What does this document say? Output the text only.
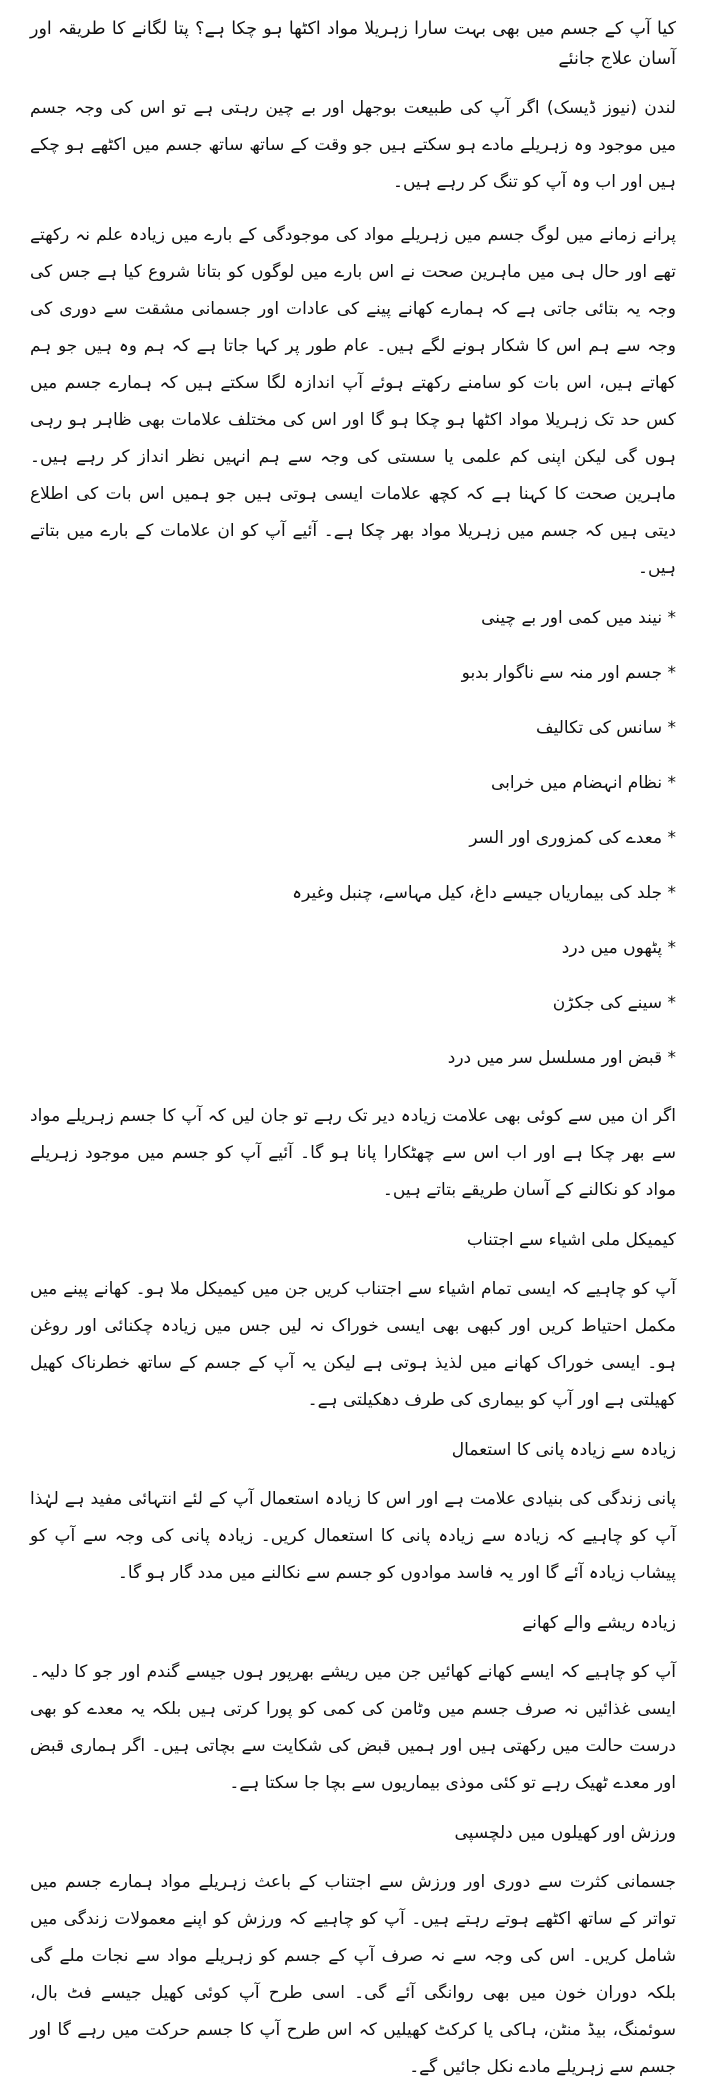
کیا آپ کے جسم میں بھی بہت سارا زہریلا مواد اکٹھا ہو چکا ہے؟ پتا لگانے کا طریقہ اور آسان علاج جانئے

لندن (نیوز ڈیسک) اگر آپ کی طبیعت بوجھل اور بے چین رہتی ہے تو اس کی وجہ جسم میں موجود وہ زہریلے مادے ہو سکتے ہیں جو وقت کے ساتھ ساتھ جسم میں اکٹھے ہو چکے ہیں اور اب وہ آپ کو تنگ کر رہے ہیں۔

پرانے زمانے میں لوگ جسم میں زہریلے مواد کی موجودگی کے بارے میں زیادہ علم نہ رکھتے تھے اور حال ہی میں ماہرین صحت نے اس بارے میں لوگوں کو بتانا شروع کیا ہے جس کی وجہ یہ بتائی جاتی ہے کہ ہمارے کھانے پینے کی عادات اور جسمانی مشقت سے دوری کی وجہ سے ہم اس کا شکار ہونے لگے ہیں۔ عام طور پر کہا جاتا ہے کہ ہم وہ ہیں جو ہم کھاتے ہیں، اس بات کو سامنے رکھتے ہوئے آپ اندازہ لگا سکتے ہیں کہ ہمارے جسم میں کس حد تک زہریلا مواد اکٹھا ہو چکا ہو گا اور اس کی مختلف علامات بھی ظاہر ہو رہی ہوں گی لیکن اپنی کم علمی یا سستی کی وجہ سے ہم انہیں نظر انداز کر رہے ہیں۔ ماہرین صحت کا کہنا ہے کہ کچھ علامات ایسی ہوتی ہیں جو ہمیں اس بات کی اطلاع دیتی ہیں کہ جسم میں زہریلا مواد بھر چکا ہے۔ آئیے آپ کو ان علامات کے بارے میں بتاتے ہیں۔

* نیند میں کمی اور بے چینی
* جسم اور منہ سے ناگوار بدبو
* سانس کی تکالیف
* نظام انہضام میں خرابی
* معدے کی کمزوری اور السر
* جلد کی بیماریاں جیسے داغ، کیل مہاسے، چنبل وغیرہ
* پٹھوں میں درد
* سینے کی جکڑن
* قبض اور مسلسل سر میں درد

اگر ان میں سے کوئی بھی علامت زیادہ دیر تک رہے تو جان لیں کہ آپ کا جسم زہریلے مواد سے بھر چکا ہے اور اب اس سے چھٹکارا پانا ہو گا۔ آئیے آپ کو جسم میں موجود زہریلے مواد کو نکالنے کے آسان طریقے بتاتے ہیں۔

کیمیکل ملی اشیاء سے اجتناب

آپ کو چاہیے کہ ایسی تمام اشیاء سے اجتناب کریں جن میں کیمیکل ملا ہو۔ کھانے پینے میں مکمل احتیاط کریں اور کبھی بھی ایسی خوراک نہ لیں جس میں زیادہ چکنائی اور روغن ہو۔ ایسی خوراک کھانے میں لذیذ ہوتی ہے لیکن یہ آپ کے جسم کے ساتھ خطرناک کھیل کھیلتی ہے اور آپ کو بیماری کی طرف دھکیلتی ہے۔

زیادہ سے زیادہ پانی کا استعمال

پانی زندگی کی بنیادی علامت ہے اور اس کا زیادہ استعمال آپ کے لئے انتہائی مفید ہے لہٰذا آپ کو چاہیے کہ زیادہ سے زیادہ پانی کا استعمال کریں۔ زیادہ پانی کی وجہ سے آپ کو پیشاب زیادہ آئے گا اور یہ فاسد موادوں کو جسم سے نکالنے میں مدد گار ہو گا۔

زیادہ ریشے والے کھانے

آپ کو چاہیے کہ ایسے کھانے کھائیں جن میں ریشے بھرپور ہوں جیسے گندم اور جو کا دلیہ۔ ایسی غذائیں نہ صرف جسم میں وٹامن کی کمی کو پورا کرتی ہیں بلکہ یہ معدے کو بھی درست حالت میں رکھتی ہیں اور ہمیں قبض کی شکایت سے بچاتی ہیں۔ اگر ہماری قبض اور معدے ٹھیک رہے تو کئی موذی بیماریوں سے بچا جا سکتا ہے۔

ورزش اور کھیلوں میں دلچسپی

جسمانی کثرت سے دوری اور ورزش سے اجتناب کے باعث زہریلے مواد ہمارے جسم میں تواتر کے ساتھ اکٹھے ہوتے رہتے ہیں۔ آپ کو چاہیے کہ ورزش کو اپنے معمولات زندگی میں شامل کریں۔ اس کی وجہ سے نہ صرف آپ کے جسم کو زہریلے مواد سے نجات ملے گی بلکہ دوران خون میں بھی روانگی آئے گی۔ اسی طرح آپ کوئی کھیل جیسے فٹ بال، سوئمنگ، بیڈ منٹن، ہاکی یا کرکٹ کھیلیں کہ اس طرح آپ کا جسم حرکت میں رہے گا اور جسم سے زہریلے مادے نکل جائیں گے۔
